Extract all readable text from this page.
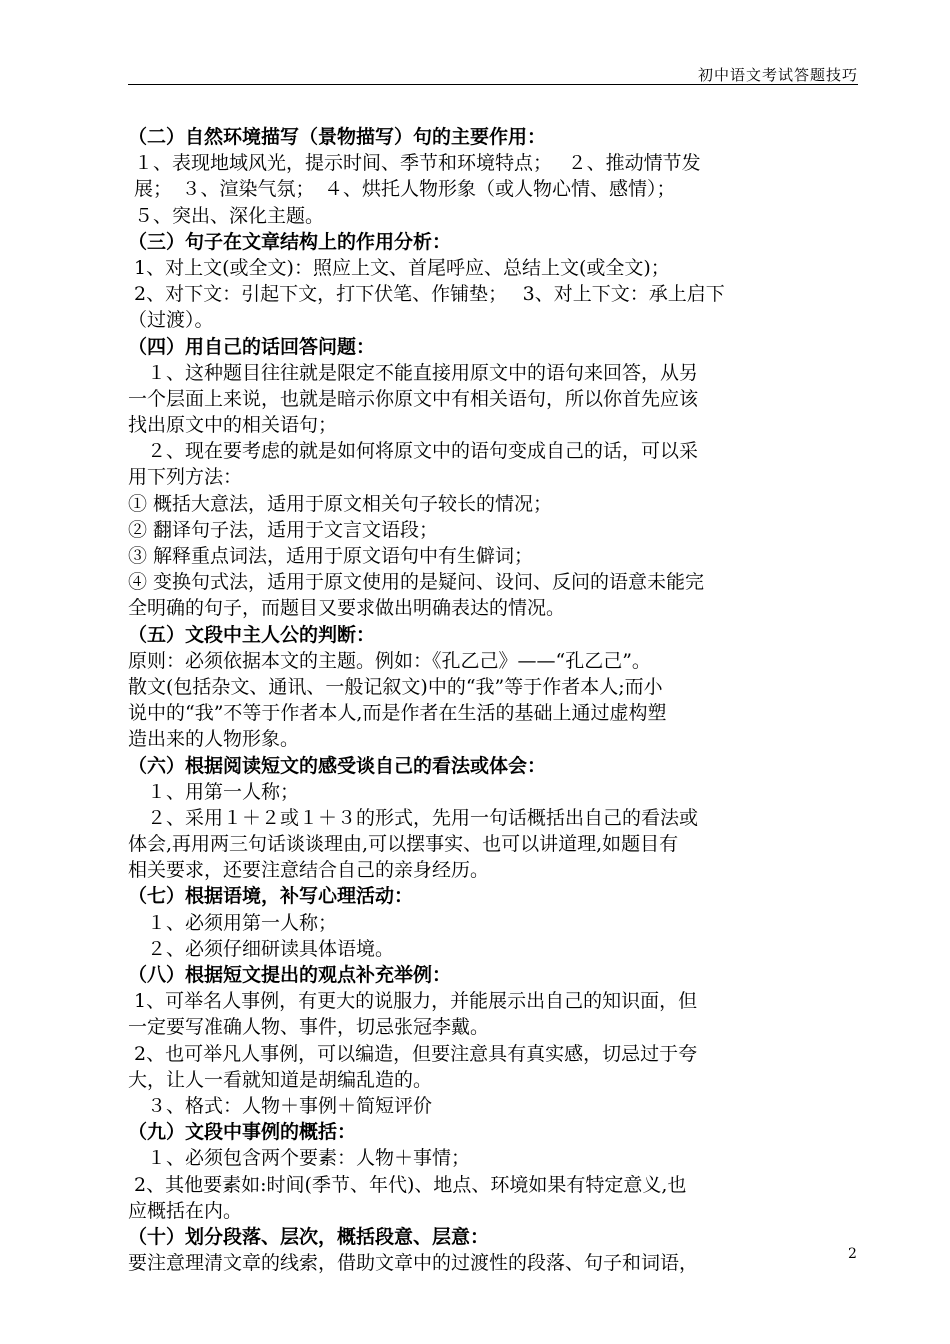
初中语文考试答题技巧
（二）自然环境描写（景物描写）句的主要作用：
１、表现地域风光，提示时间、季节和环境特点；　 ２、推动情节发
展；　３、渲染气氛；　４、烘托人物形象（或人物心情、感情）；
５、突出、深化主题。
（三）句子在文章结构上的作用分析：
1、对上文(或全文)：照应上文、首尾呼应、总结上文(或全文)；
2、对下文：引起下文，打下伏笔、作铺垫；　 3、对上下文：承上启下
（过渡）。
（四）用自己的话回答问题：
　１、这种题目往往就是限定不能直接用原文中的语句来回答，从另
一个层面上来说，也就是暗示你原文中有相关语句，所以你首先应该
找出原文中的相关语句；
　２、现在要考虑的就是如何将原文中的语句变成自己的话，可以采
用下列方法：
① 概括大意法，适用于原文相关句子较长的情况；
② 翻译句子法，适用于文言文语段；
③ 解释重点词法，适用于原文语句中有生僻词；
④ 变换句式法，适用于原文使用的是疑问、设问、反问的语意未能完
全明确的句子，而题目又要求做出明确表达的情况。
（五）文段中主人公的判断：
原则：必须依据本文的主题。例如：《孔乙己》——“孔乙己”。
散文(包括杂文、通讯、一般记叙文)中的“我”等于作者本人;而小
说中的“我”不等于作者本人,而是作者在生活的基础上通过虚构塑
造出来的人物形象。
（六）根据阅读短文的感受谈自己的看法或体会：
　１、用第一人称；
　２、采用１＋２或１＋３的形式，先用一句话概括出自己的看法或
体会,再用两三句话谈谈理由,可以摆事实、也可以讲道理,如题目有
相关要求，还要注意结合自己的亲身经历。
（七）根据语境，补写心理活动：
　１、必须用第一人称；
　２、必须仔细研读具体语境。
（八）根据短文提出的观点补充举例：
1、可举名人事例，有更大的说服力，并能展示出自己的知识面，但
一定要写准确人物、事件，切忌张冠李戴。
2、也可举凡人事例，可以编造，但要注意具有真实感，切忌过于夸
大，让人一看就知道是胡编乱造的。
　３、格式：人物＋事例＋简短评价
（九）文段中事例的概括：
　１、必须包含两个要素：人物＋事情；
2、其他要素如:时间(季节、年代)、地点、环境如果有特定意义,也
应概括在内。
（十）划分段落、层次，概括段意、层意：
要注意理清文章的线索，借助文章中的过渡性的段落、句子和词语，	2
